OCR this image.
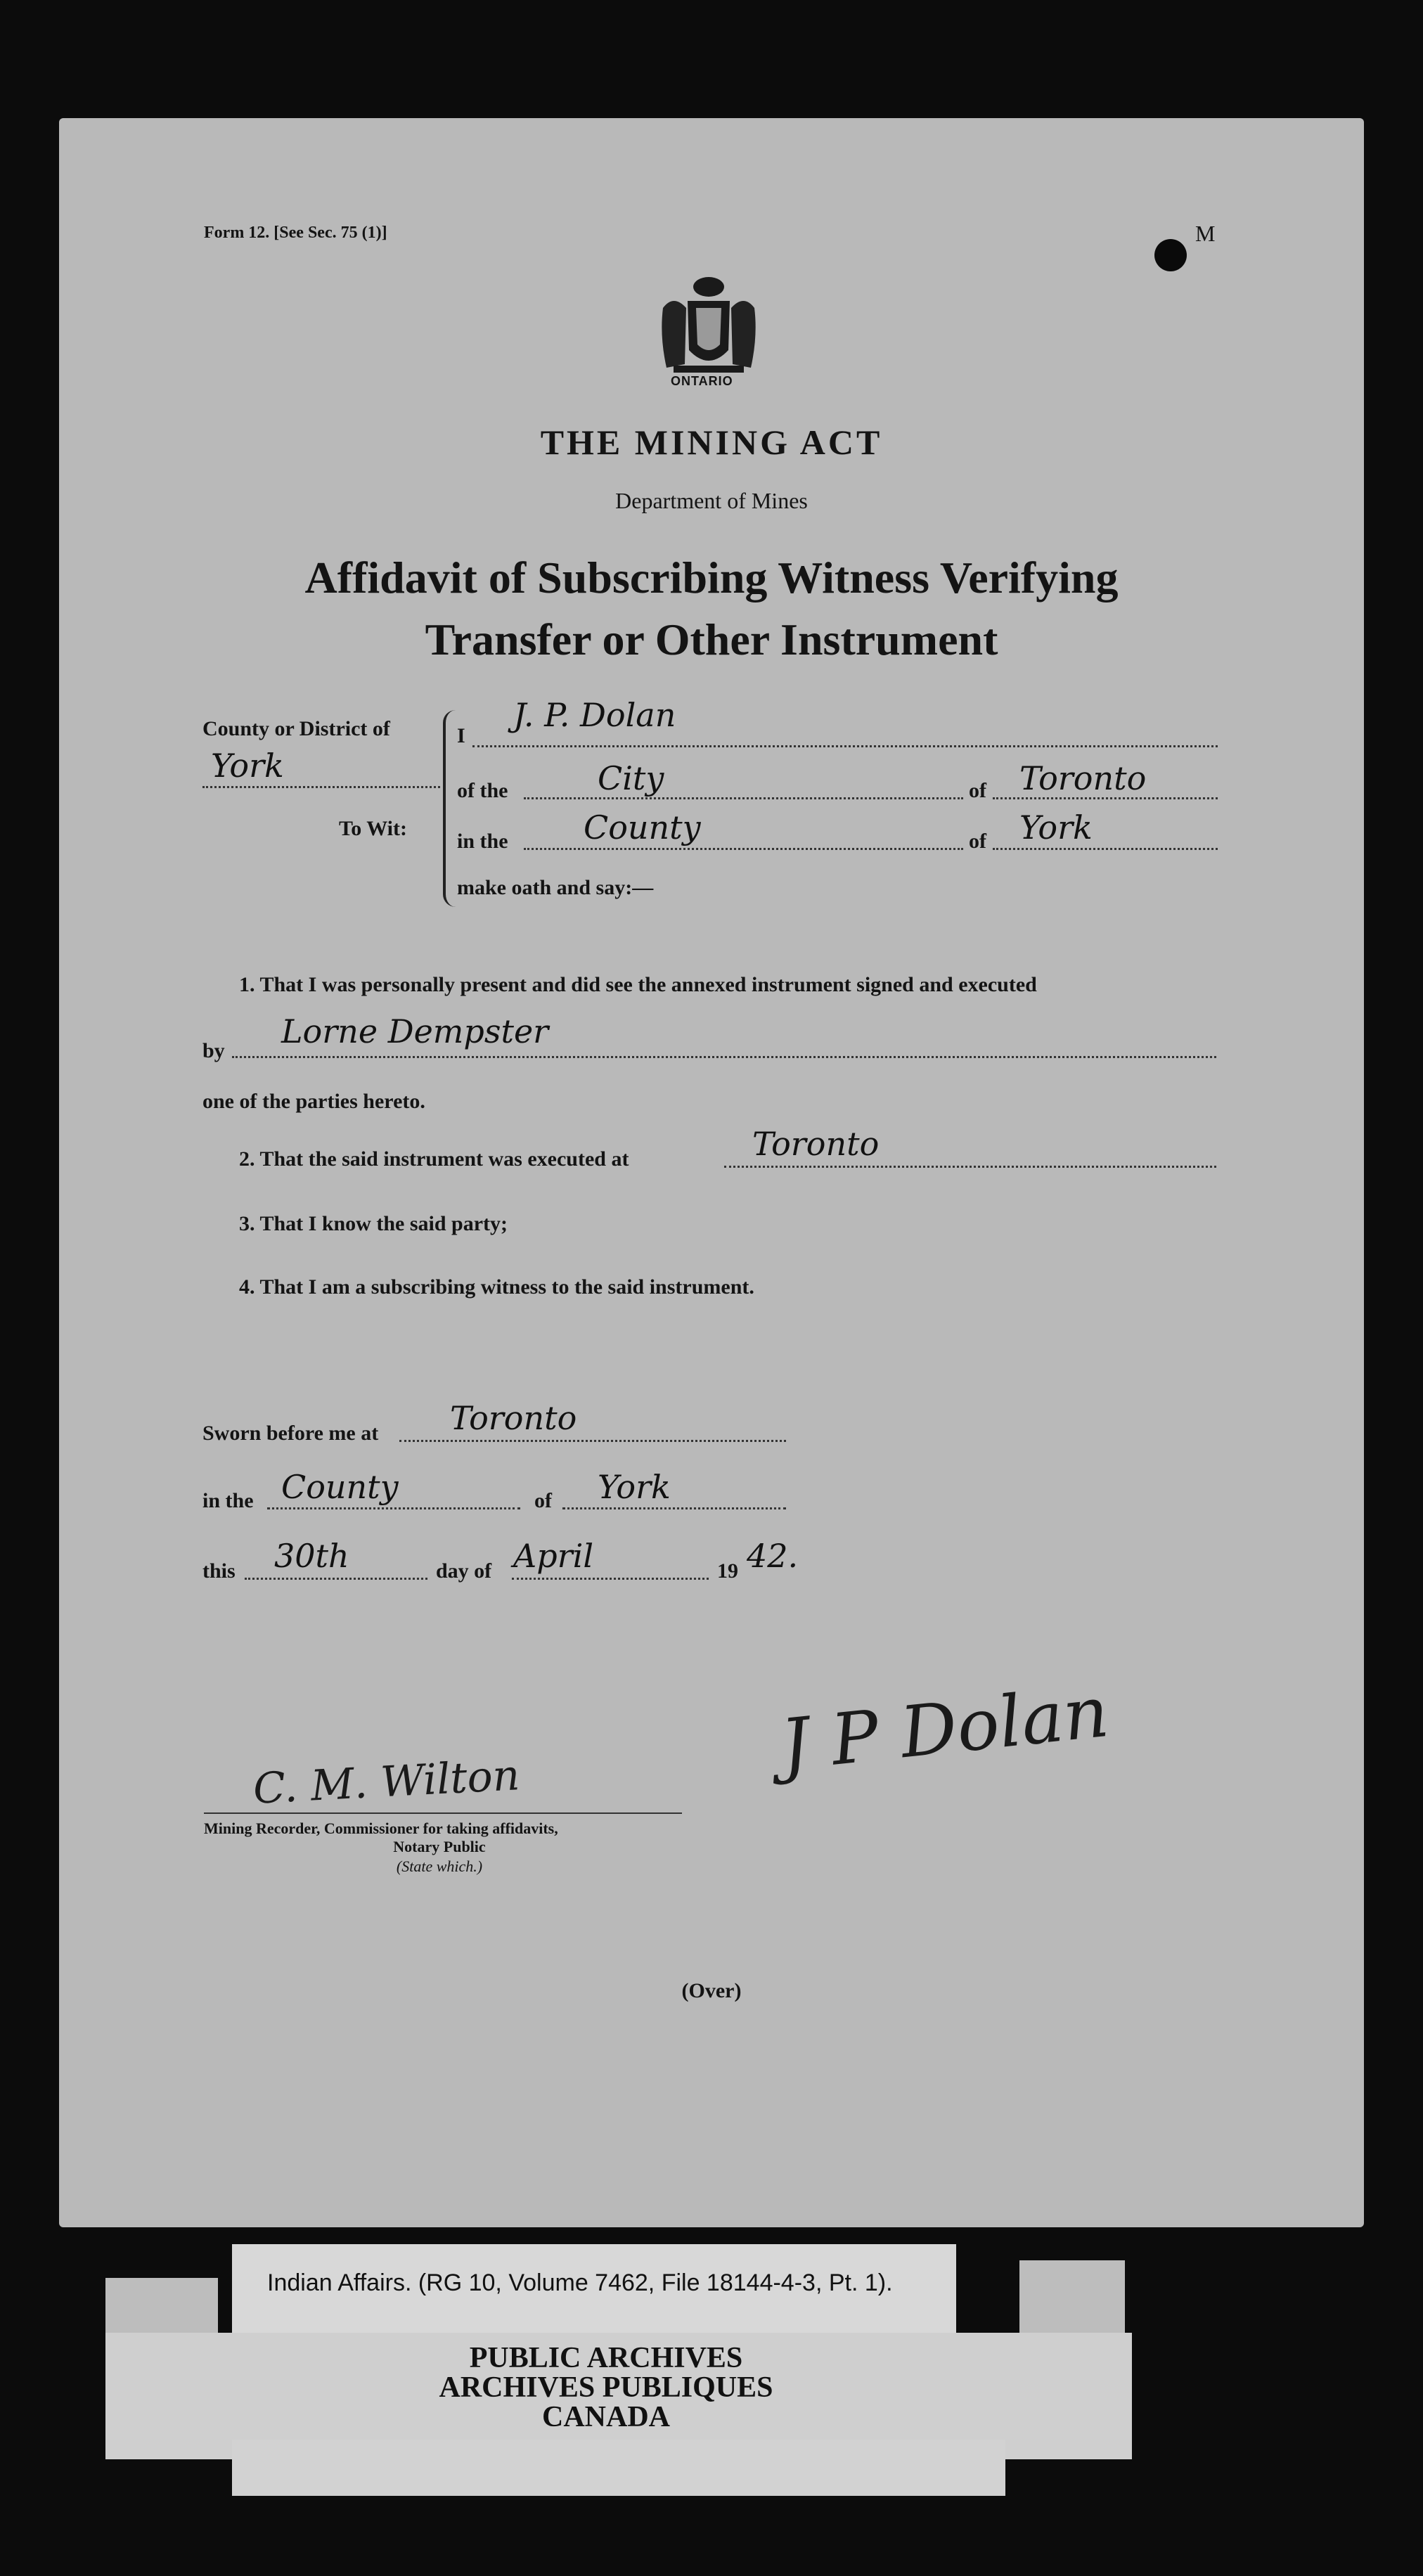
Form 12. [See Sec. 75 (1)]	M
ONTARIO
THE MINING ACT
Department of Mines
Affidavit of Subscribing Witness Verifying
Transfer or Other Instrument
County or District of
York
To Wit:
I
J. P. Dolan
of the	City	of Toronto
in the County	of York
make oath and say:—
1. That I was personally present and did see the annexed instrument signed and executed
by
Lorne Dempster
one of the parties hereto.
2. That the said instrument was executed at	Toronto
3. That I know the said party;
4. That I am a subscribing witness to the said instrument.
Sworn before me at Toronto
in the County	of York
this 30th	day of April	19 42.
J P Dolan
C. M. Wilton
Mining Recorder, Commissioner for taking affidavits,
Notary Public
(State which.)
(Over)
Indian Affairs. (RG 10, Volume 7462, File 18144-4-3, Pt. 1).
PUBLIC ARCHIVES
ARCHIVES PUBLIQUES
CANADA
